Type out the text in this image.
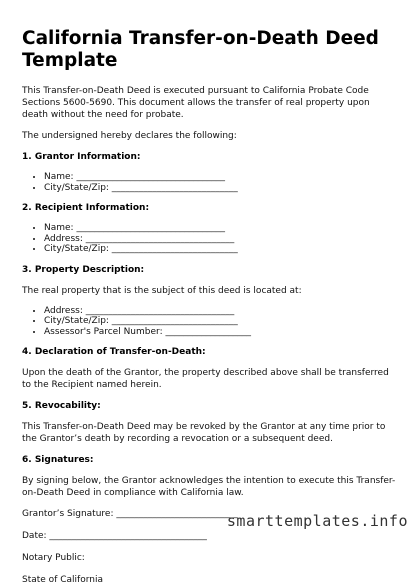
California Transfer-on-Death Deed Template

This Transfer-on-Death Deed is executed pursuant to California Probate Code Sections 5600-5690. This document allows the transfer of real property upon death without the need for probate.

The undersigned hereby declares the following:

1. Grantor Information:
• Name: _________________________________
• City/State/Zip: ____________________________
2. Recipient Information:
• Name: _________________________________
• Address: _________________________________
• City/State/Zip: ____________________________
3. Property Description:

The real property that is the subject of this deed is located at:

• Address: _________________________________
• City/State/Zip: ____________________________
• Assessor's Parcel Number: ___________________
4. Declaration of Transfer-on-Death:

Upon the death of the Grantor, the property described above shall be transferred to the Recipient named herein.

5. Revocability:

This Transfer-on-Death Deed may be revoked by the Grantor at any time prior to the Grantor’s death by recording a revocation or a subsequent deed.

6. Signatures:

By signing below, the Grantor acknowledges the intention to execute this Transfer-on-Death Deed in compliance with California law.

Grantor’s Signature: ___________________________

Date: ___________________________________

Notary Public:

State of California

smarttemplates.info
